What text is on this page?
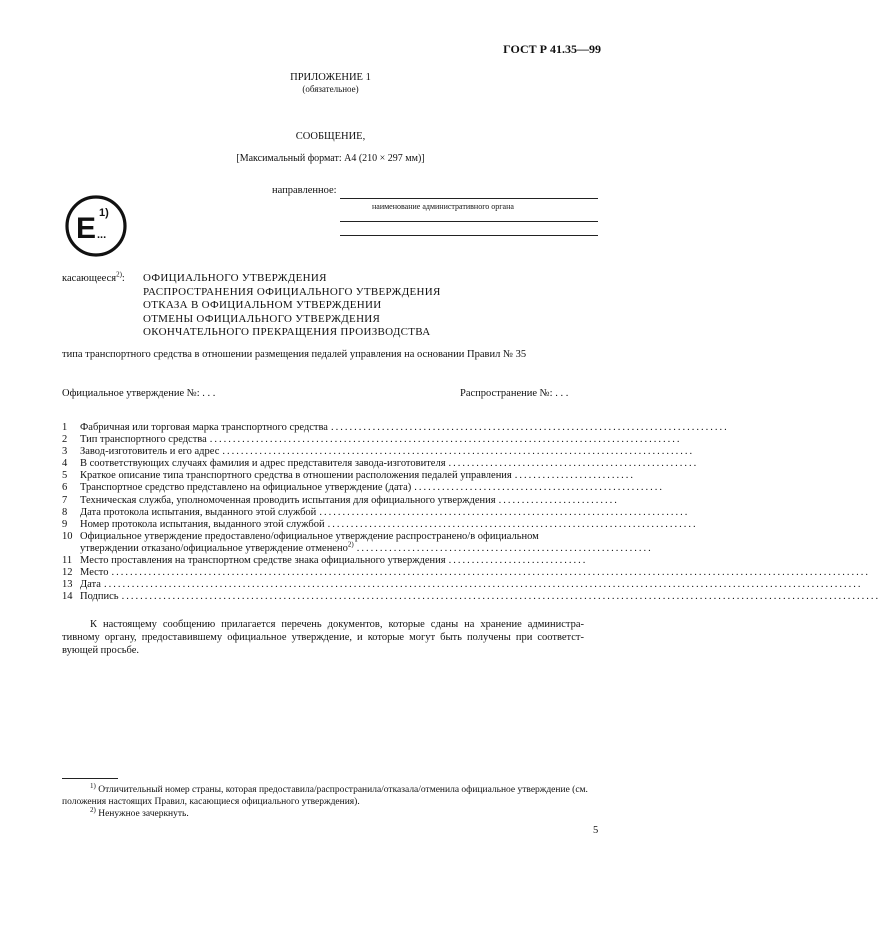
ГОСТ Р 41.35—99
ПРИЛОЖЕНИЕ 1
(обязательное)
СООБЩЕНИЕ,
[Максимальный формат: А4 (210 × 297 мм)]
направленное:
наименование административного органа
E 1)
...
касающееся$^{2)}$: ОФИЦИАЛЬНОГО УТВЕРЖДЕНИЯ
РАСПРОСТРАНЕНИЯ ОФИЦИАЛЬНОГО УТВЕРЖДЕНИЯ
ОТКАЗА В ОФИЦИАЛЬНОМ УТВЕРЖДЕНИИ
ОТМЕНЫ ОФИЦИАЛЬНОГО УТВЕРЖДЕНИЯ
ОКОНЧАТЕЛЬНОГО ПРЕКРАЩЕНИЯ ПРОИЗВОДСТВА
типа транспортного средства в отношении размещения педалей управления на основании Правил № 35
Официальное утверждение №: . . .	Распространение №: . . .
1	Фабричная или торговая марка транспортного средства ......................................................................................
2	Тип транспортного средства ......................................................................................................
3	Завод-изготовитель и его адрес ......................................................................................................
4	В соответствующих случаях фамилия и адрес представителя завода-изготовителя ......................................................
5	Краткое описание типа транспортного средства в отношении расположения педалей управления ..........................
6	Транспортное средство представлено на официальное утверждение (дата) ......................................................
7	Техническая служба, уполномоченная проводить испытания для официального утверждения ..........................
8	Дата протокола испытания, выданного этой службой ................................................................................
9	Номер протокола испытания, выданного этой службой ................................................................................
10 Официальное утверждение предоставлено/официальное утверждение распространено/в официальном
утверждении отказано/официальное утверждение отменено$^{2)}$ ................................................................
11 Место проставления на транспортном средстве знака официального утверждения ..............................
12 Место ....................................................................................................................................................................
13 Дата ....................................................................................................................................................................
14 Подпись ....................................................................................................................................................................
К настоящему сообщению прилагается перечень документов, которые сданы на хранение административному органу, предоставившему официальное утверждение, и которые могут быть получены при соответствующей просьбе.
$^{1)}$ Отличительный номер страны, которая предоставила/распространила/отказала/отменила официальное утверждение (см. положения настоящих Правил, касающиеся официального утверждения).
$^{2)}$ Ненужное зачеркнуть.
5
